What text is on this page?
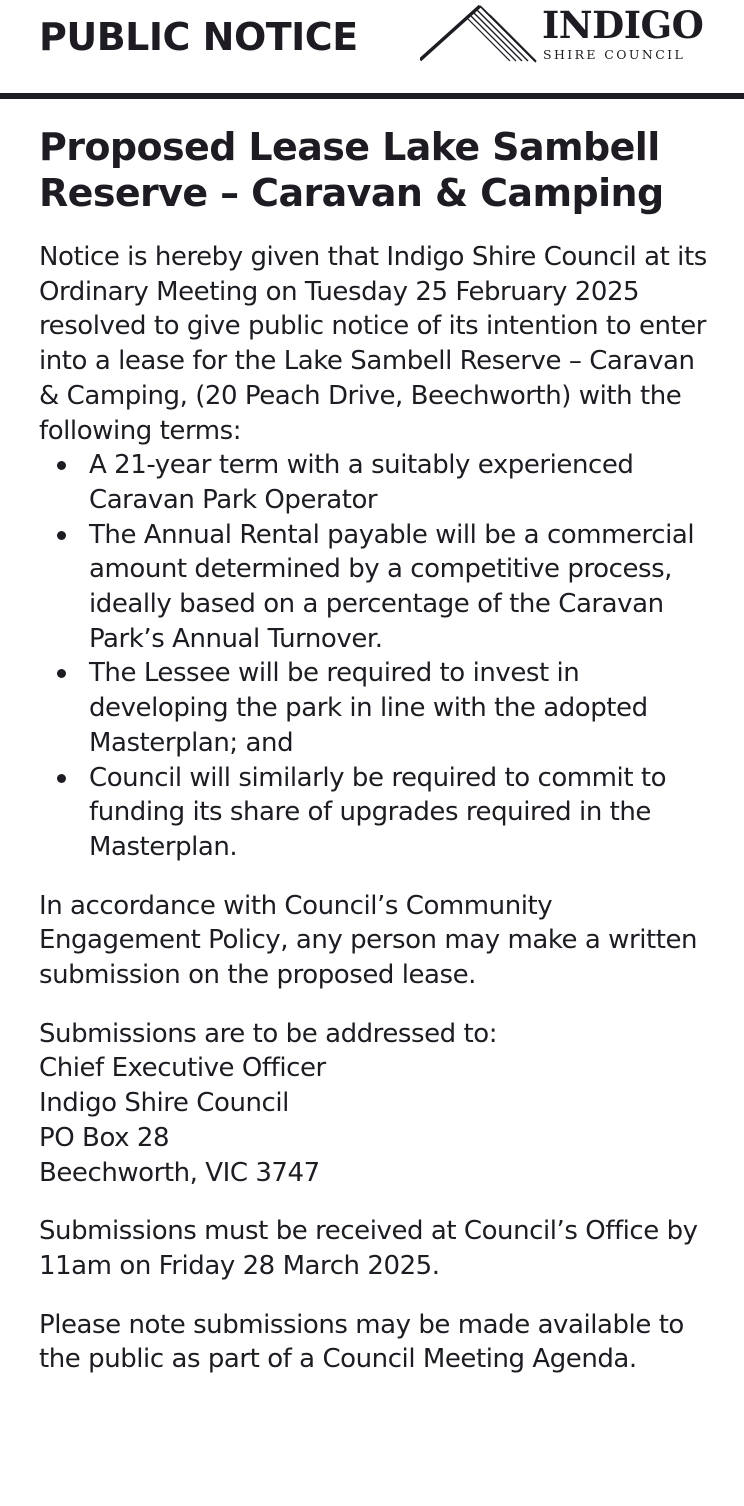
PUBLIC NOTICE	INDIGO
SHIRE COUNCIL
Proposed Lease Lake Sambell Reserve – Caravan & Camping

Notice is hereby given that Indigo Shire Council at its Ordinary Meeting on Tuesday 25 February 2025 resolved to give public notice of its intention to enter into a lease for the Lake Sambell Reserve – Caravan & Camping, (20 Peach Drive, Beechworth) with the following terms:

A 21-year term with a suitably experienced Caravan Park Operator
The Annual Rental payable will be a commercial amount determined by a competitive process, ideally based on a percentage of the Caravan Park’s Annual Turnover.
The Lessee will be required to invest in developing the park in line with the adopted Masterplan; and
Council will similarly be required to commit to funding its share of upgrades required in the Masterplan.

In accordance with Council’s Community Engagement Policy, any person may make a written submission on the proposed lease.

Submissions are to be addressed to:
Chief Executive Officer
Indigo Shire Council
PO Box 28
Beechworth, VIC 3747

Submissions must be received at Council’s Office by 11am on Friday 28 March 2025.

Please note submissions may be made available to the public as part of a Council Meeting Agenda.
